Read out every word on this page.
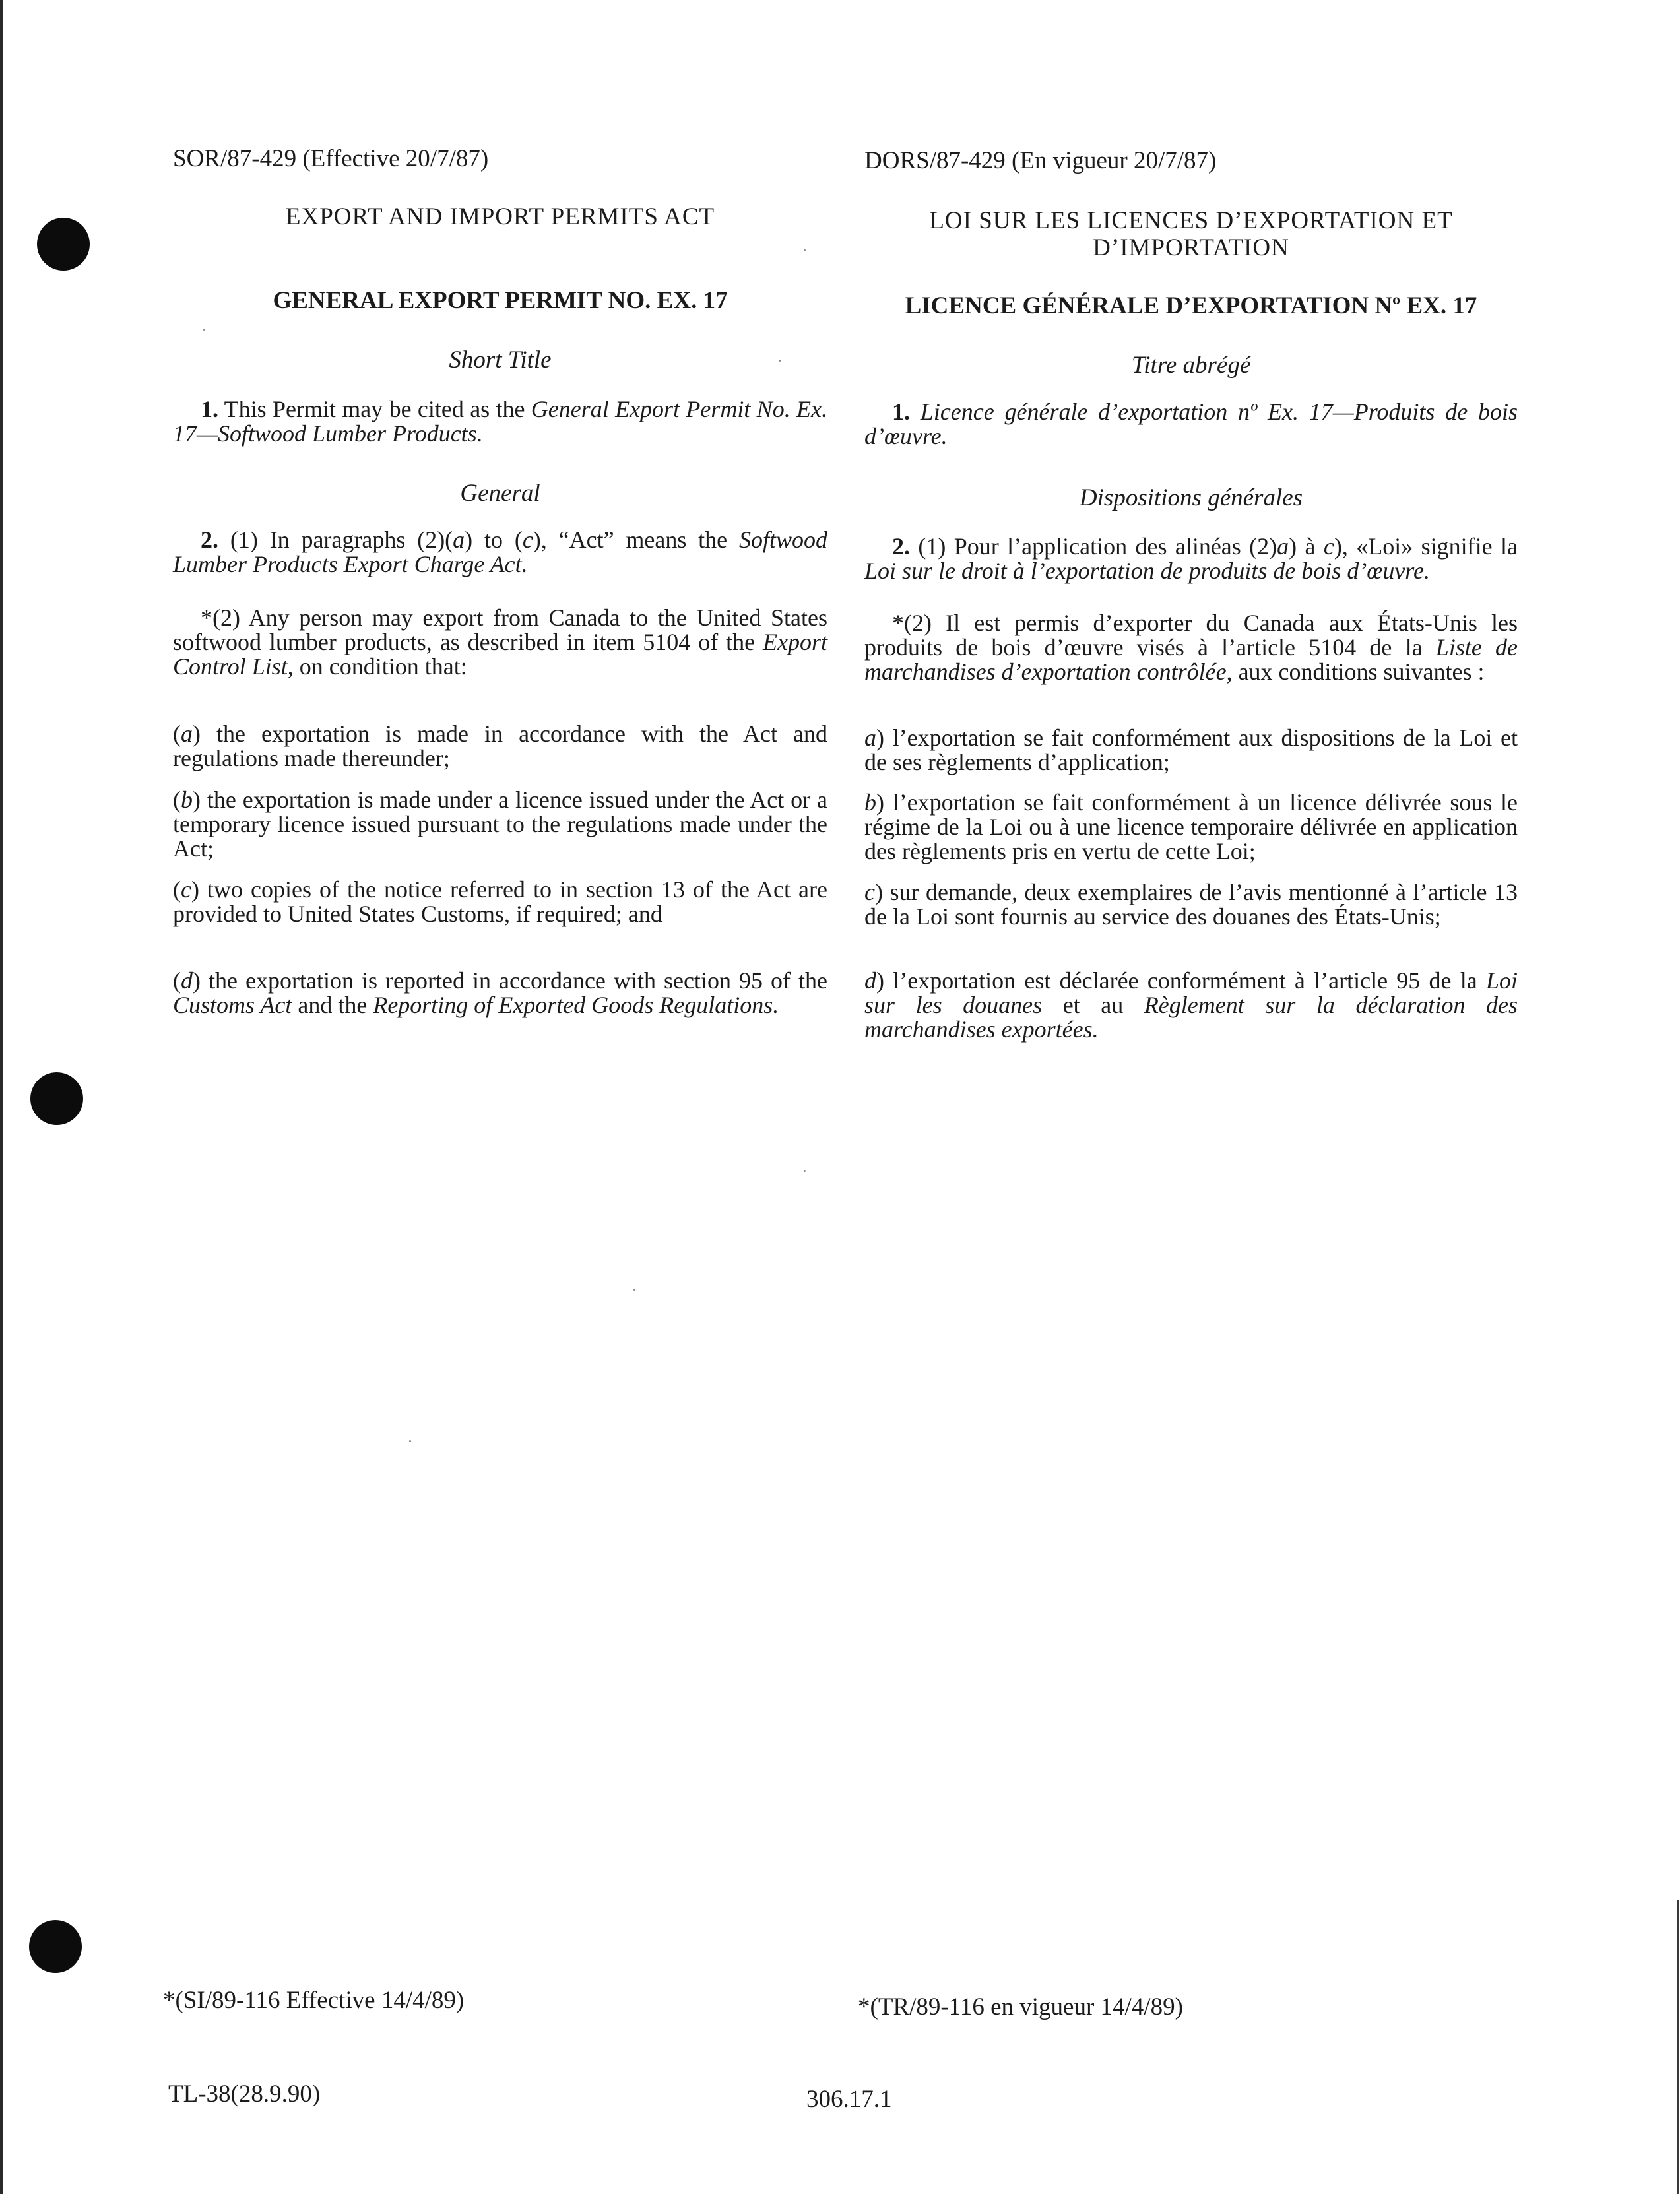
SOR/87-429 (Effective 20/7/87)
EXPORT AND IMPORT PERMITS ACT
GENERAL EXPORT PERMIT NO. EX. 17
Short Title

1. This Permit may be cited as the General Export Permit No. Ex. 17—Softwood Lumber Products.

General

2. (1) In paragraphs (2)(a) to (c), “Act” means the Softwood Lumber Products Export Charge Act.

*(2) Any person may export from Canada to the United States softwood lumber products, as described in item 5104 of the Export Control List, on condition that:

(a) the exportation is made in accordance with the Act and regulations made thereunder;

(b) the exportation is made under a licence issued under the Act or a temporary licence issued pursuant to the regulations made under the Act;

(c) two copies of the notice referred to in section 13 of the Act are provided to United States Customs, if required; and

(d) the exportation is reported in accordance with section 95 of the Customs Act and the Reporting of Exported Goods Regulations.

DORS/87-429 (En vigueur 20/7/87)
LOI SUR LES LICENCES D’EXPORTATION ET
D’IMPORTATION
LICENCE GÉNÉRALE D’EXPORTATION Nº EX. 17
Titre abrégé

1. Licence générale d’exportation nº Ex. 17—Produits de bois d’œuvre.

Dispositions générales

2. (1) Pour l’application des alinéas (2)a) à c), «Loi» signifie la Loi sur le droit à l’exportation de produits de bois d’œuvre.

*(2) Il est permis d’exporter du Canada aux États-Unis les produits de bois d’œuvre visés à l’article 5104 de la Liste de marchandises d’exportation contrôlée, aux conditions suivantes :

a) l’exportation se fait conformément aux dispositions de la Loi et de ses règlements d’application;

b) l’exportation se fait conformément à un licence délivrée sous le régime de la Loi ou à une licence temporaire délivrée en application des règlements pris en vertu de cette Loi;

c) sur demande, deux exemplaires de l’avis mentionné à l’article 13 de la Loi sont fournis au service des douanes des États-Unis;

d) l’exportation est déclarée conformément à l’article 95 de la Loi sur les douanes et au Règlement sur la déclaration des marchandises exportées.

*(SI/89-116 Effective 14/4/89)	*(TR/89-116 en vigueur 14/4/89)
TL-38(28.9.90)	306.17.1
